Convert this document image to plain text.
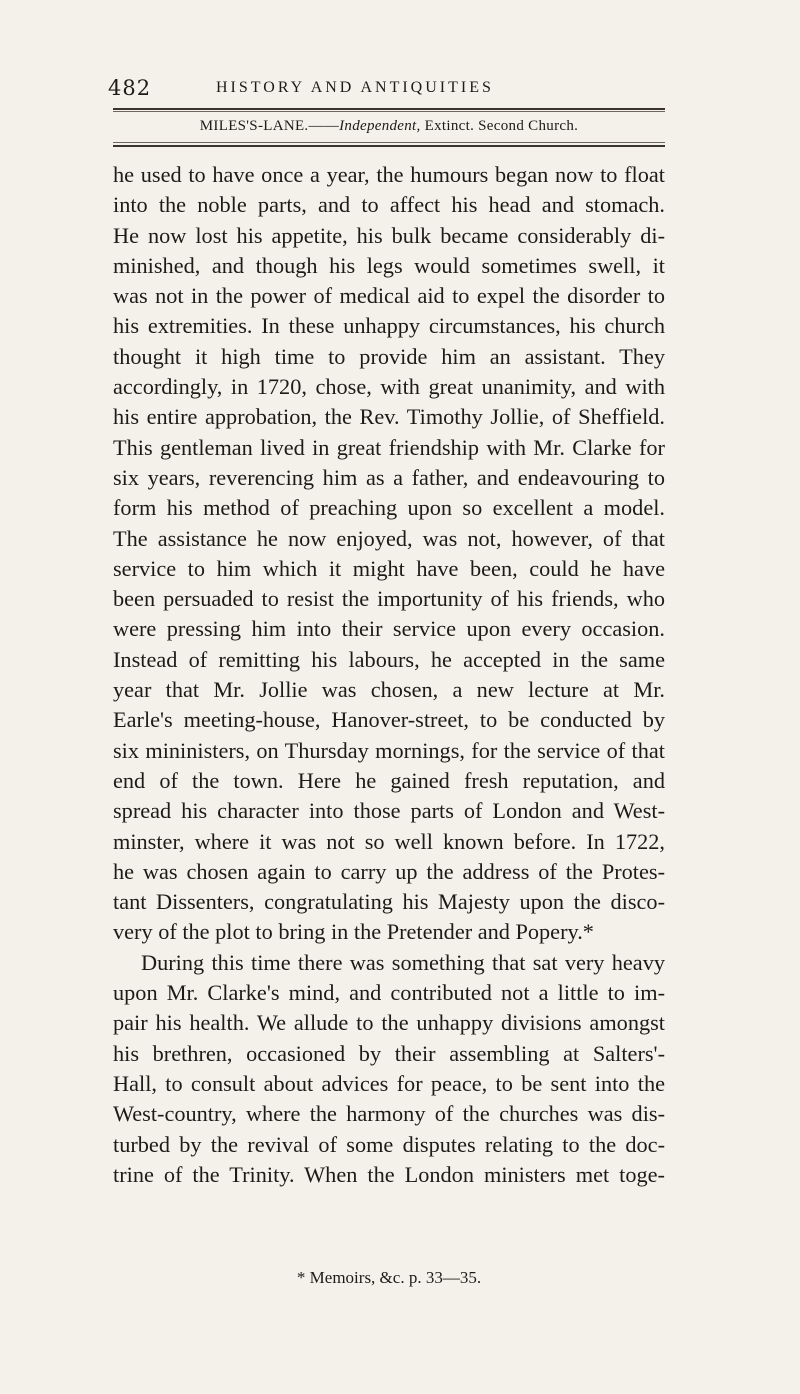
482	HISTORY AND ANTIQUITIES
MILES'S-LANE.——Independent, Extinct. Second Church.
he used to have once a year, the humours began now to float
into the noble parts, and to affect his head and stomach.
He now lost his appetite, his bulk became considerably di-
minished, and though his legs would sometimes swell, it
was not in the power of medical aid to expel the disorder to
his extremities. In these unhappy circumstances, his church
thought it high time to provide him an assistant. They
accordingly, in 1720, chose, with great unanimity, and with
his entire approbation, the Rev. Timothy Jollie, of Sheffield.
This gentleman lived in great friendship with Mr. Clarke for
six years, reverencing him as a father, and endeavouring to
form his method of preaching upon so excellent a model.
The assistance he now enjoyed, was not, however, of that
service to him which it might have been, could he have
been persuaded to resist the importunity of his friends, who
were pressing him into their service upon every occasion.
Instead of remitting his labours, he accepted in the same
year that Mr. Jollie was chosen, a new lecture at Mr.
Earle's meeting-house, Hanover-street, to be conducted by
six mininisters, on Thursday mornings, for the service of that
end of the town. Here he gained fresh reputation, and
spread his character into those parts of London and West-
minster, where it was not so well known before. In 1722,
he was chosen again to carry up the address of the Protes-
tant Dissenters, congratulating his Majesty upon the disco-
very of the plot to bring in the Pretender and Popery.*
During this time there was something that sat very heavy
upon Mr. Clarke's mind, and contributed not a little to im-
pair his health. We allude to the unhappy divisions amongst
his brethren, occasioned by their assembling at Salters'-
Hall, to consult about advices for peace, to be sent into the
West-country, where the harmony of the churches was dis-
turbed by the revival of some disputes relating to the doc-
trine of the Trinity. When the London ministers met toge-
* Memoirs, &c. p. 33—35.
